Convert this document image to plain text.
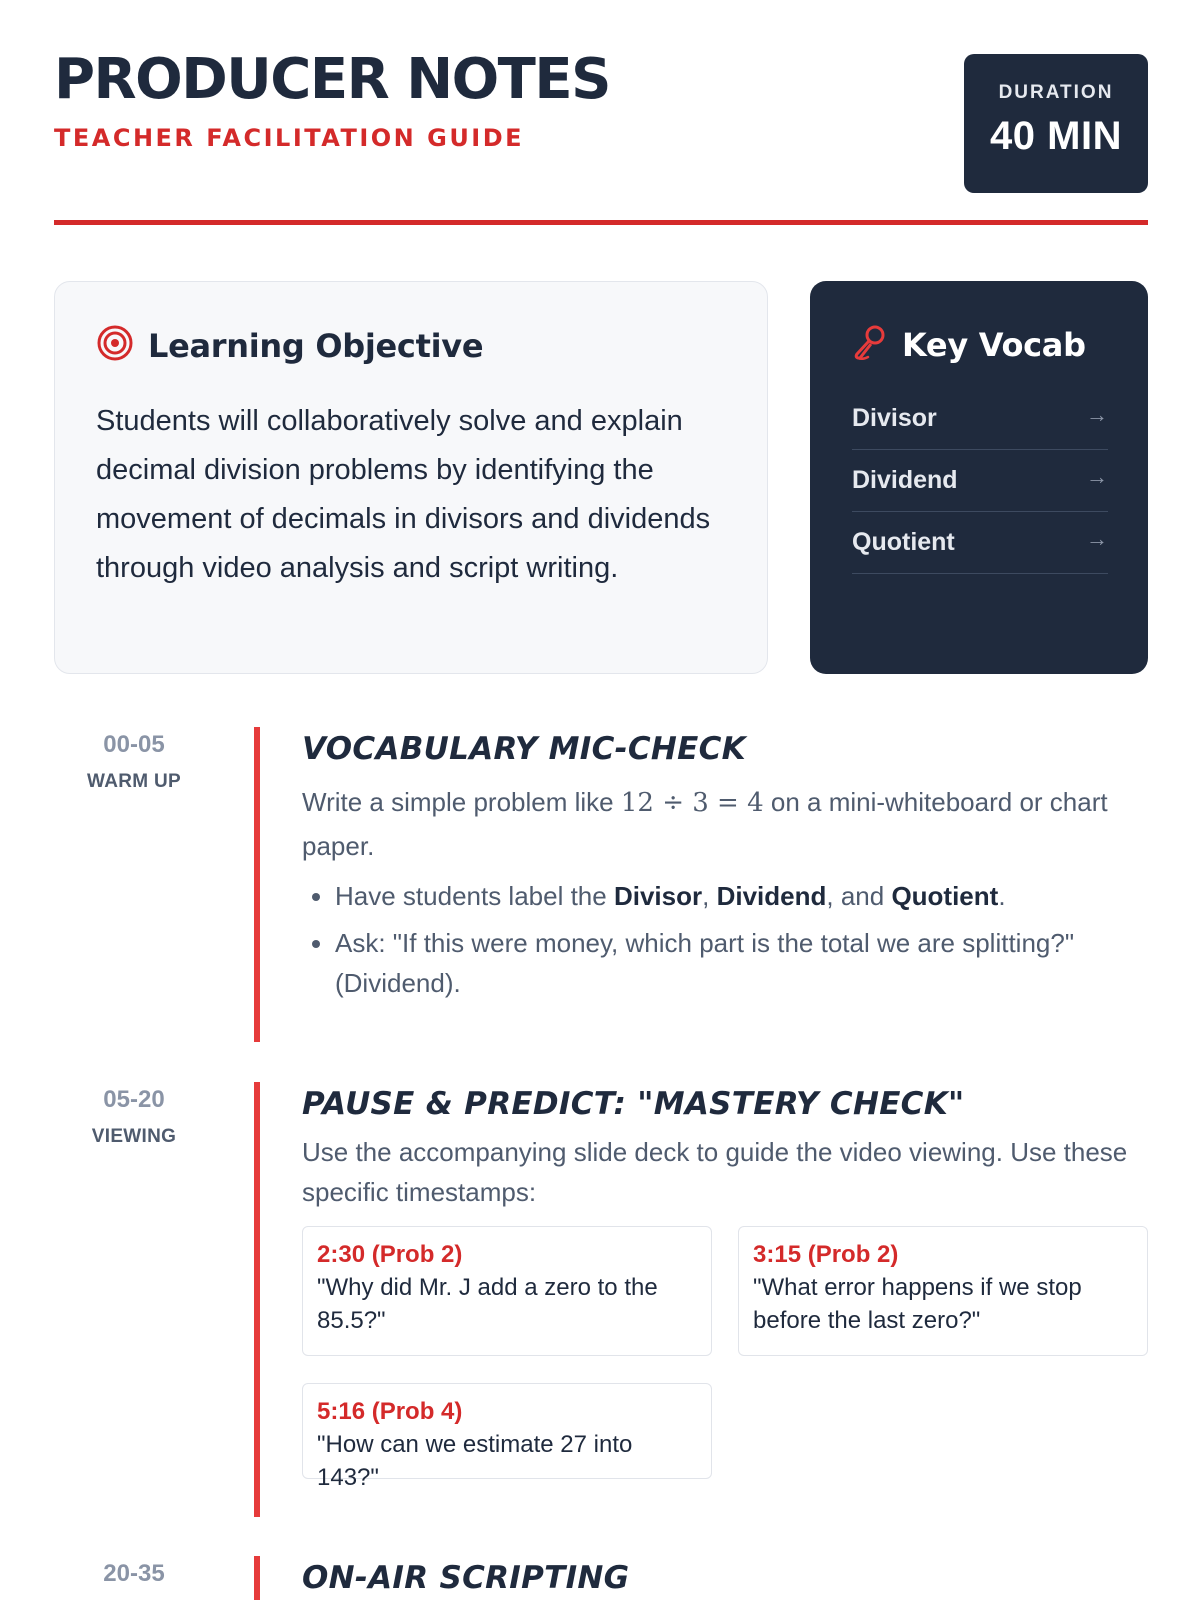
PRODUCER NOTES
TEACHER FACILITATION GUIDE
DURATION
40 MIN
Learning Objective

Students will collaboratively solve and explain decimal division problems by identifying the movement of decimals in divisors and dividends through video analysis and script writing.

Key Vocab
Divisor	→
Dividend	→
Quotient	→
00-05
WARM UP
VOCABULARY MIC-CHECK

Write a simple problem like 12 ÷ 3 = 4 on a mini-whiteboard or chart paper.

• Have students label the Divisor, Dividend, and Quotient.
• Ask: "If this were money, which part is the total we are splitting?" (Dividend).
05-20
VIEWING
PAUSE & PREDICT: "MASTERY CHECK"

Use the accompanying slide deck to guide the video viewing. Use these specific timestamps:

2:30 (Prob 2)
"Why did Mr. J add a zero to the 85.5?"
3:15 (Prob 2)
"What error happens if we stop before the last zero?"
5:16 (Prob 4)
"How can we estimate 27 into 143?"
20-35	ON-AIR SCRIPTING
